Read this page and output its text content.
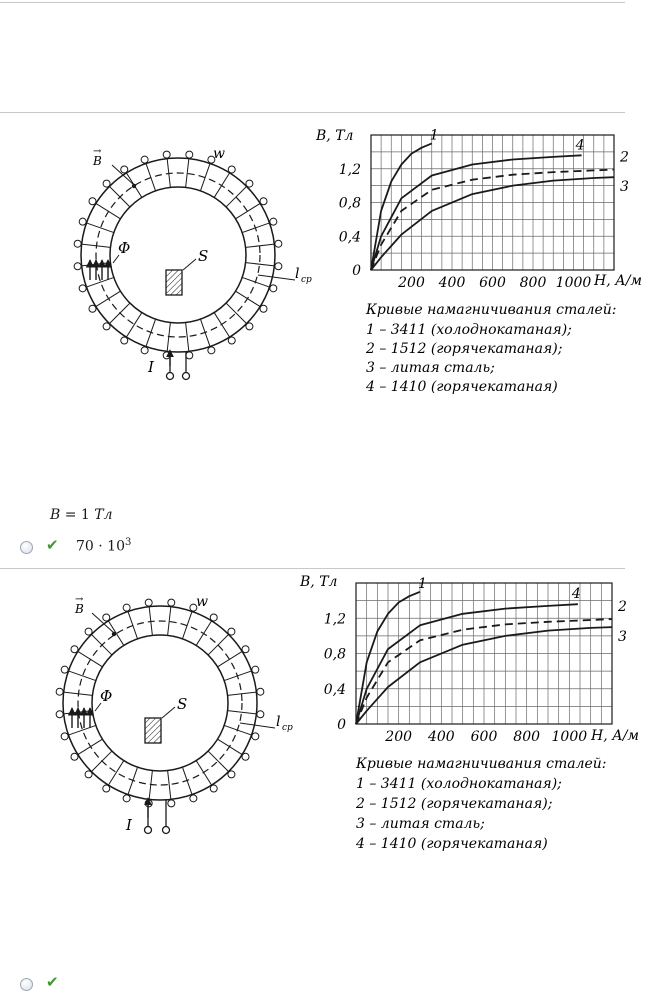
B
→	w
Φ	S
l ср
I
1
2
3
4
200 400 600 800 1000
0
0,4
0,8
1,2
B, Тл
H, А/м
Кривые намагничивания сталей:
1 – 3411 (холоднокатаная);
2 – 1512 (горячекатаная);
3 – литая сталь;
4 – 1410 (горячекатаная)
B = 1 Тл
✔ $70 \cdot 10^3$
B
→	w
Φ	S
l ср
I
1
2
3
4
200 400 600 800 1000
0
0,4
0,8
1,2
B, Тл
H, А/м
Кривые намагничивания сталей:
1 – 3411 (холоднокатаная);
2 – 1512 (горячекатаная);
3 – литая сталь;
4 – 1410 (горячекатаная)
✔
